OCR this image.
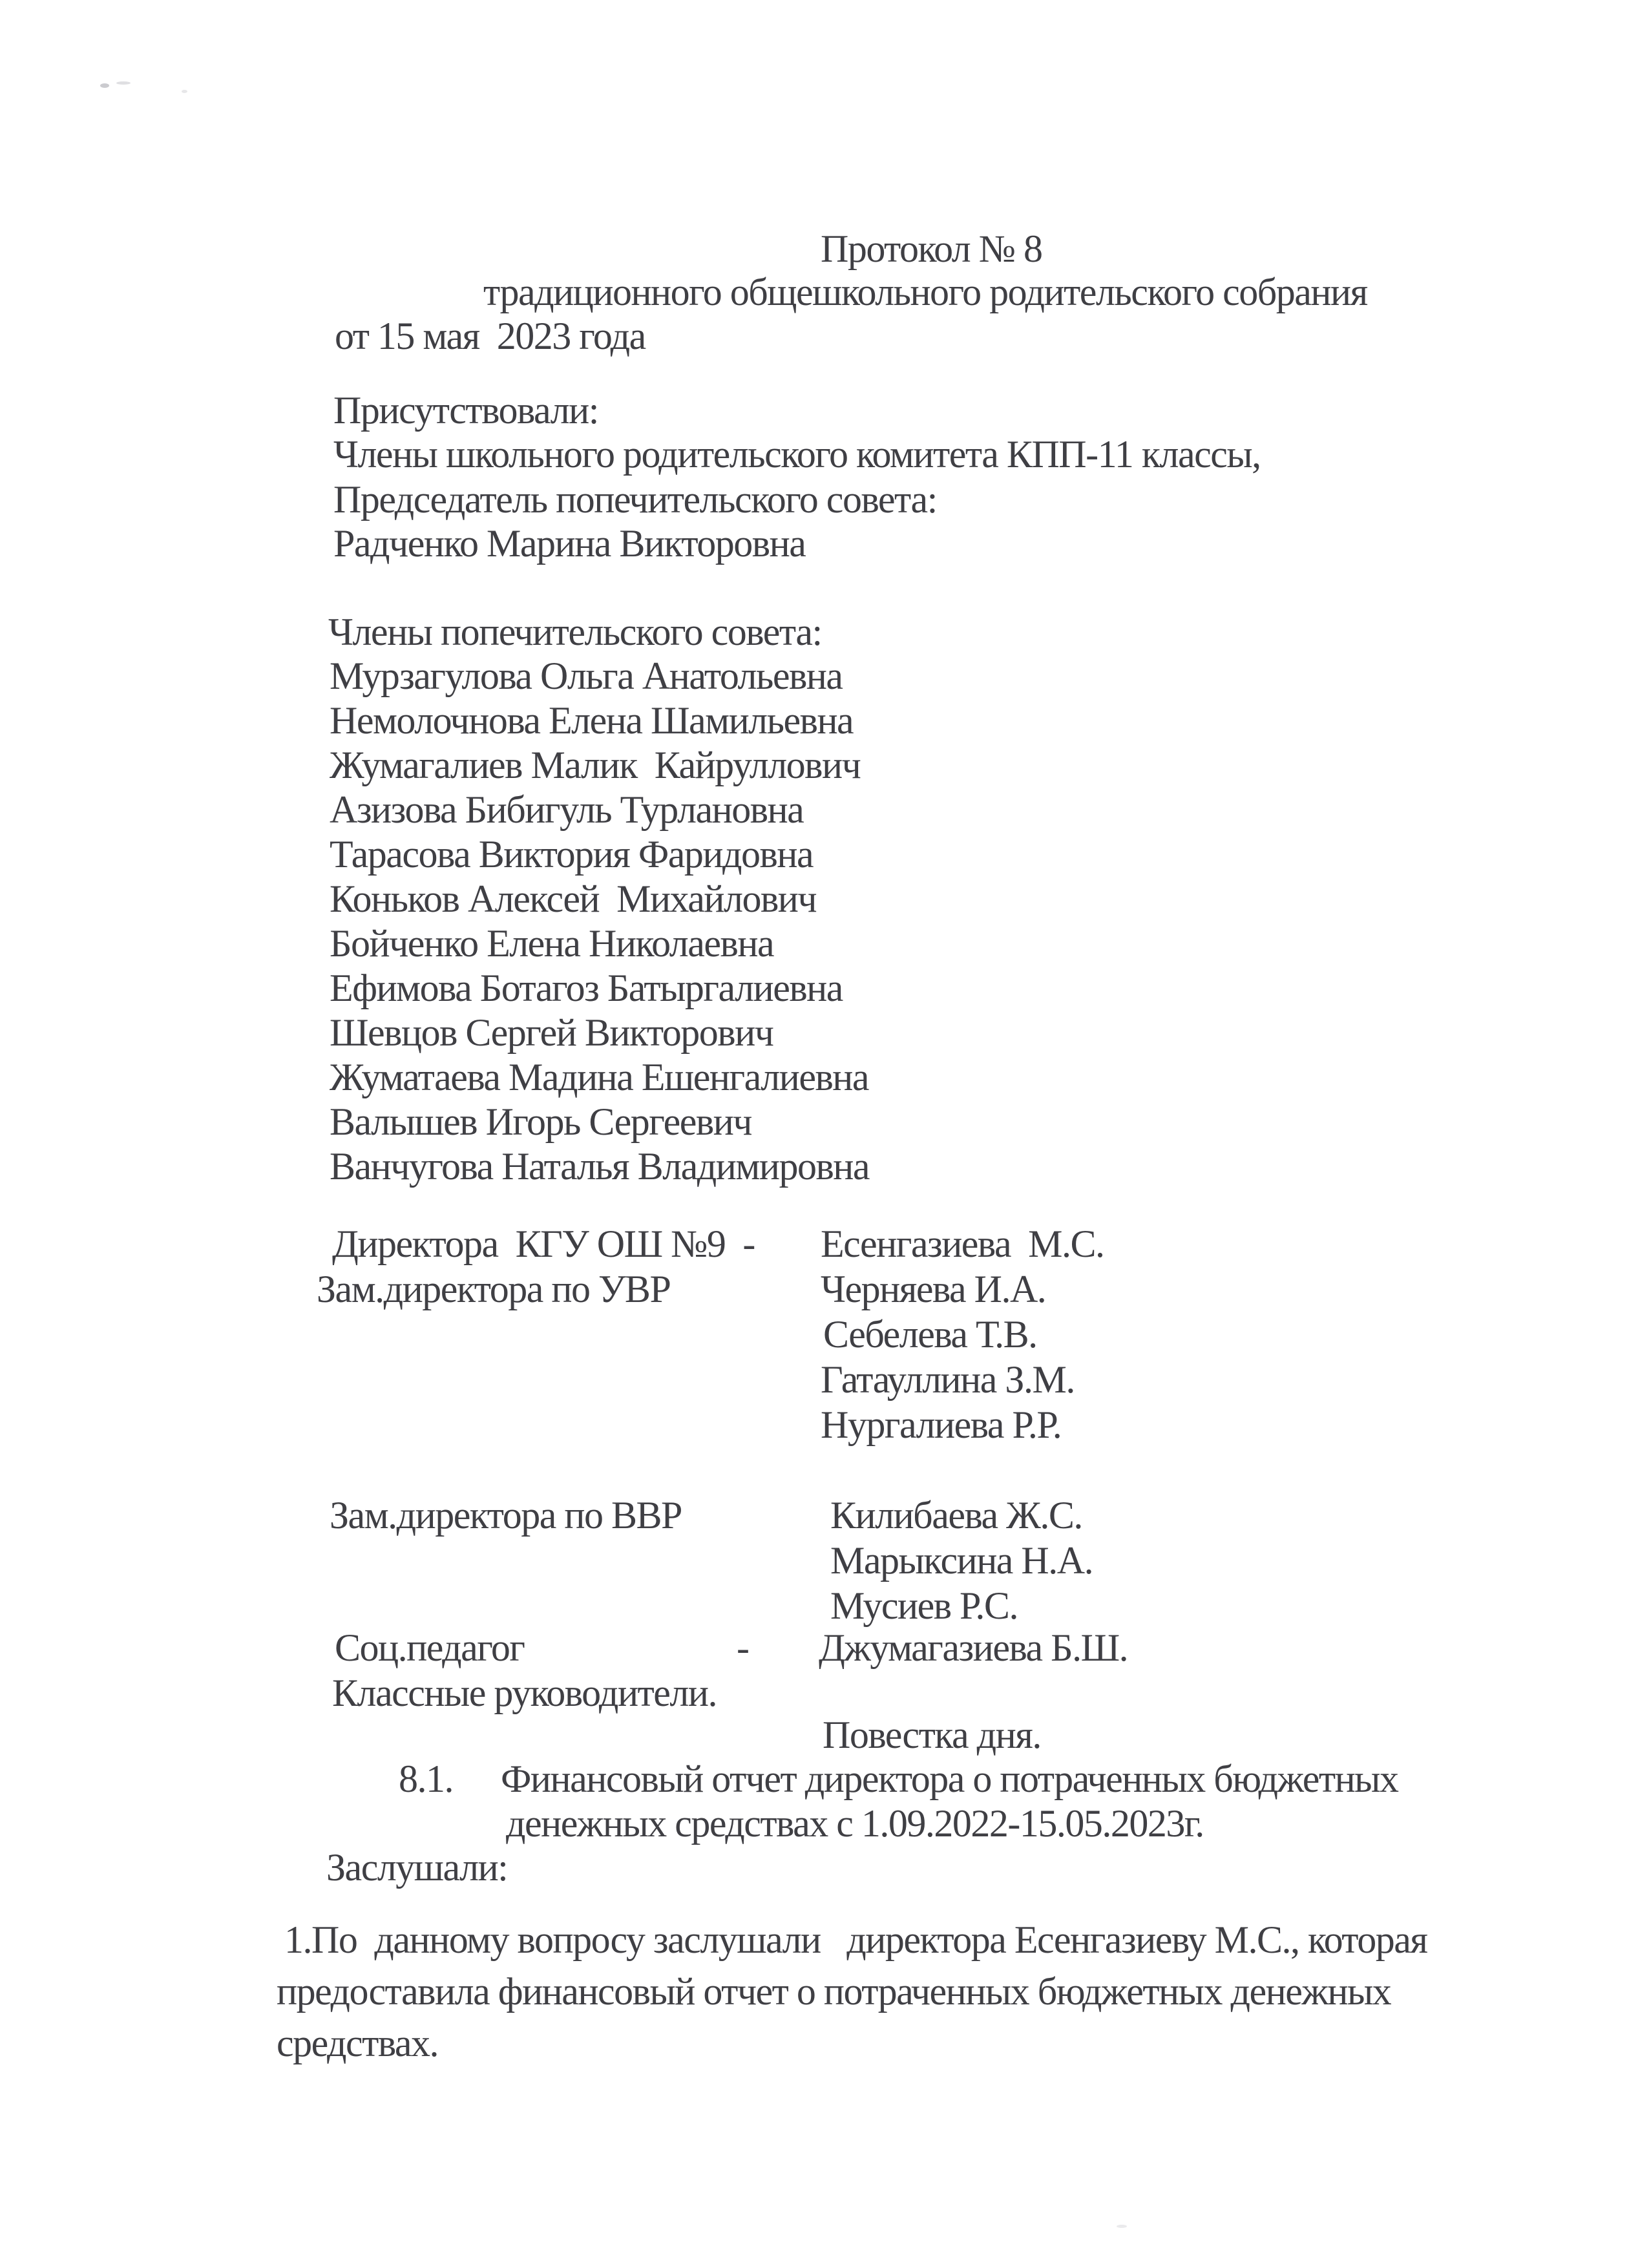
Протокол № 8
традиционного общешкольного родительского собрания
от 15 мая  2023 года
Присутствовали:
Члены школьного родительского комитета КПП-11 классы,
Председатель попечительского совета:
Радченко Марина Викторовна
Члены попечительского совета:
Мурзагулова Ольга Анатольевна
Немолочнова Елена Шамильевна
Жумагалиев Малик  Кайруллович
Азизова Бибигуль Турлановна
Тарасова Виктория Фаридовна
Коньков Алексей  Михайлович
Бойченко Елена Николаевна
Ефимова Ботагоз Батыргалиевна
Шевцов Сергей Викторович
Жуматаева Мадина Ешенгалиевна
Валышев Игорь Сергеевич
Ванчугова Наталья Владимировна
Директора  КГУ ОШ №9  - Есенгазиева  М.С.
Зам.директора по УВР	Черняева И.А.
Себелева Т.В.
Гатауллина З.М.
Нургалиева Р.Р.
Зам.директора по ВВР	Килибаева Ж.С.
Марыксина Н.А.
Мусиев Р.С.
Соц.педагог	- Джумагазиева Б.Ш.
Классные руководители.
Повестка дня.
8.1. Финансовый отчет директора о потраченных бюджетных
денежных средствах с 1.09.2022-15.05.2023г.
Заслушали:
1.По  данному вопросу заслушали   директора Есенгазиеву М.С., которая
предоставила финансовый отчет о потраченных бюджетных денежных
средствах.
